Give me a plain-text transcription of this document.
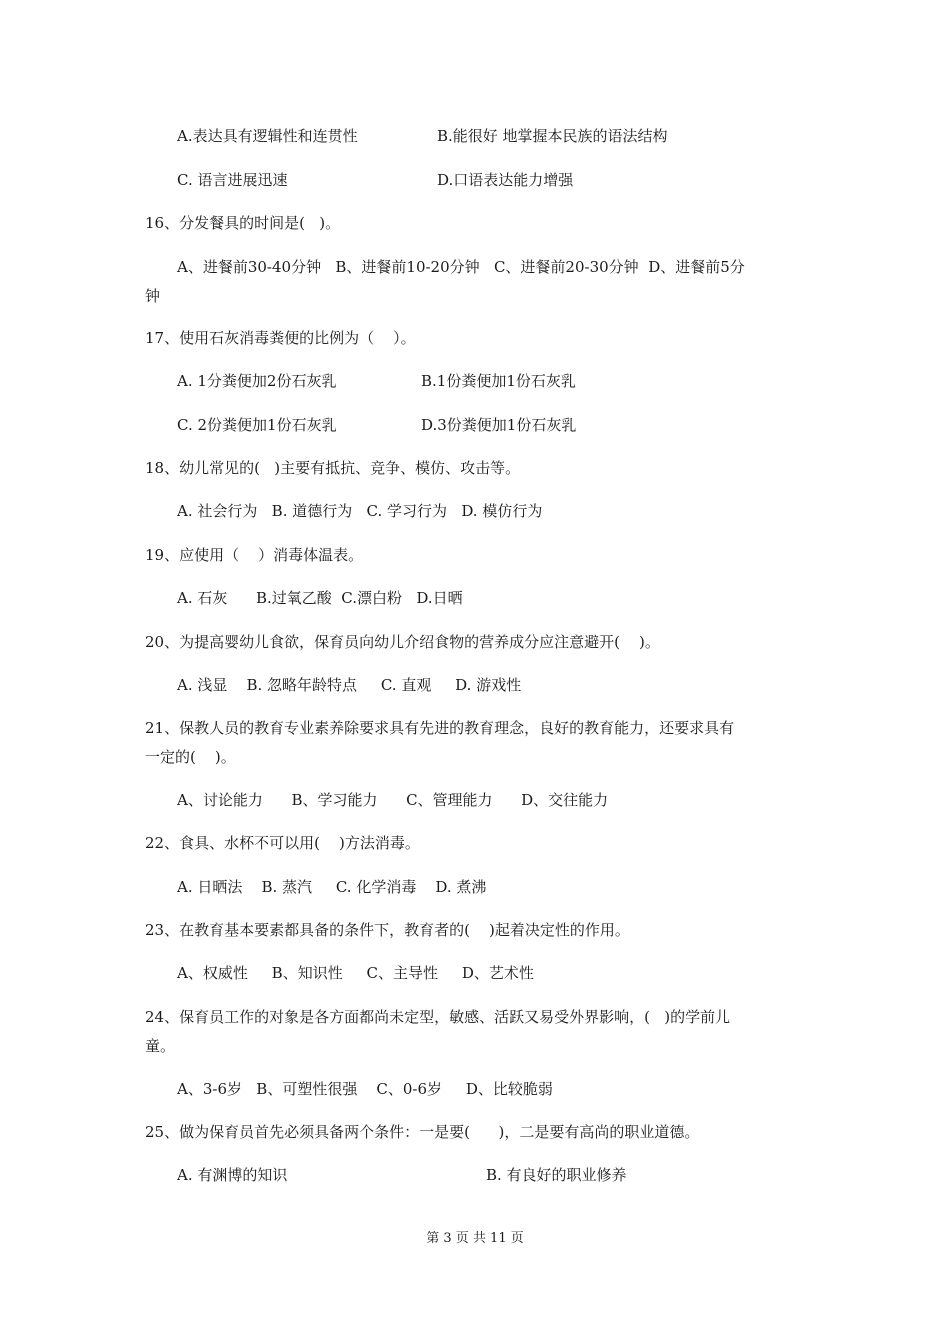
A.表达具有逻辑性和连贯性	B.能很好 地掌握本民族的语法结构
C. 语言进展迅速	D.口语表达能力增强
16、分发餐具的时间是(   )。
A、进餐前30-40分钟   B、进餐前10-20分钟   C、进餐前20-30分钟  D、进餐前5分
钟
17、使用石灰消毒粪便的比例为（    ）。
A. 1分粪便加2份石灰乳	B.1份粪便加1份石灰乳
C. 2份粪便加1份石灰乳	D.3份粪便加1份石灰乳
18、幼儿常见的(   )主要有抵抗、竞争、模仿、攻击等。
A. 社会行为   B. 道德行为   C. 学习行为   D. 模仿行为
19、应使用（    ）消毒体温表。
A. 石灰      B.过氧乙酸  C.漂白粉   D.日晒
20、为提高婴幼儿食欲，保育员向幼儿介绍食物的营养成分应注意避开(    )。
A. 浅显    B. 忽略年龄特点     C. 直观     D. 游戏性
21、保教人员的教育专业素养除要求具有先进的教育理念，良好的教育能力，还要求具有
一定的(    )。
A、讨论能力      B、学习能力      C、管理能力      D、交往能力
22、食具、水杯不可以用(    )方法消毒。
A. 日晒法    B. 蒸汽     C. 化学消毒    D. 煮沸
23、在教育基本要素都具备的条件下，教育者的(    )起着决定性的作用。
A、权威性     B、知识性     C、主导性     D、艺术性
24、保育员工作的对象是各方面都尚未定型，敏感、活跃又易受外界影响，(   )的学前儿
童。
A、3-6岁   B、可塑性很强    C、0-6岁     D、比较脆弱
25、做为保育员首先必须具备两个条件：一是要(      )，二是要有高尚的职业道德。
A. 有渊博的知识	B. 有良好的职业修养
第 3 页 共 11 页
